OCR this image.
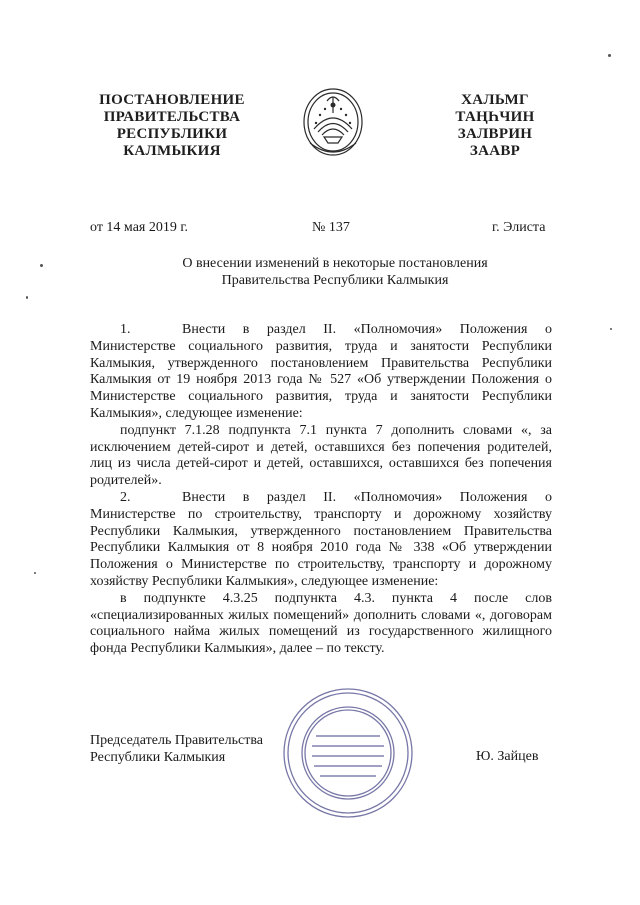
ПОСТАНОВЛЕНИЕ
ПРАВИТЕЛЬСТВА
РЕСПУБЛИКИ
КАЛМЫКИЯ
ХАЛЬМГ
ТАҢҺЧИН
ЗАЛВРИН
ЗААВР
от 14 мая 2019 г.	№ 137	г. Элиста
О внесении изменений в некоторые постановления
Правительства Республики Калмыкия

1.	Внести в раздел II. «Полномочия» Положения о Министерстве социального развития, труда и занятости Республики Калмыкия, утвержденного постановлением Правительства Республики Калмыкия от 19 ноября 2013 года № 527 «Об утверждении Положения о Министерстве социального развития, труда и занятости Республики Калмыкия», следующее изменение:

подпункт 7.1.28 подпункта 7.1 пункта 7 дополнить словами «, за исключением детей-сирот и детей, оставшихся без попечения родителей, лиц из числа детей-сирот и детей, оставшихся, оставшихся без попечения родителей».

2.	Внести в раздел II. «Полномочия» Положения о Министерстве по строительству, транспорту и дорожному хозяйству Республики Калмыкия, утвержденного постановлением Правительства Республики Калмыкия от 8 ноября 2010 года № 338 «Об утверждении Положения о Министерстве по строительству, транспорту и дорожному хозяйству Республики Калмыкия», следующее изменение:

в подпункте 4.3.25 подпункта 4.3. пункта 4 после слов «специализированных жилых помещений» дополнить словами «, договорам социального найма жилых помещений из государственного жилищного фонда Республики Калмыкия», далее – по тексту.

Председатель Правительства
Республики Калмыкия	Ю. Зайцев
